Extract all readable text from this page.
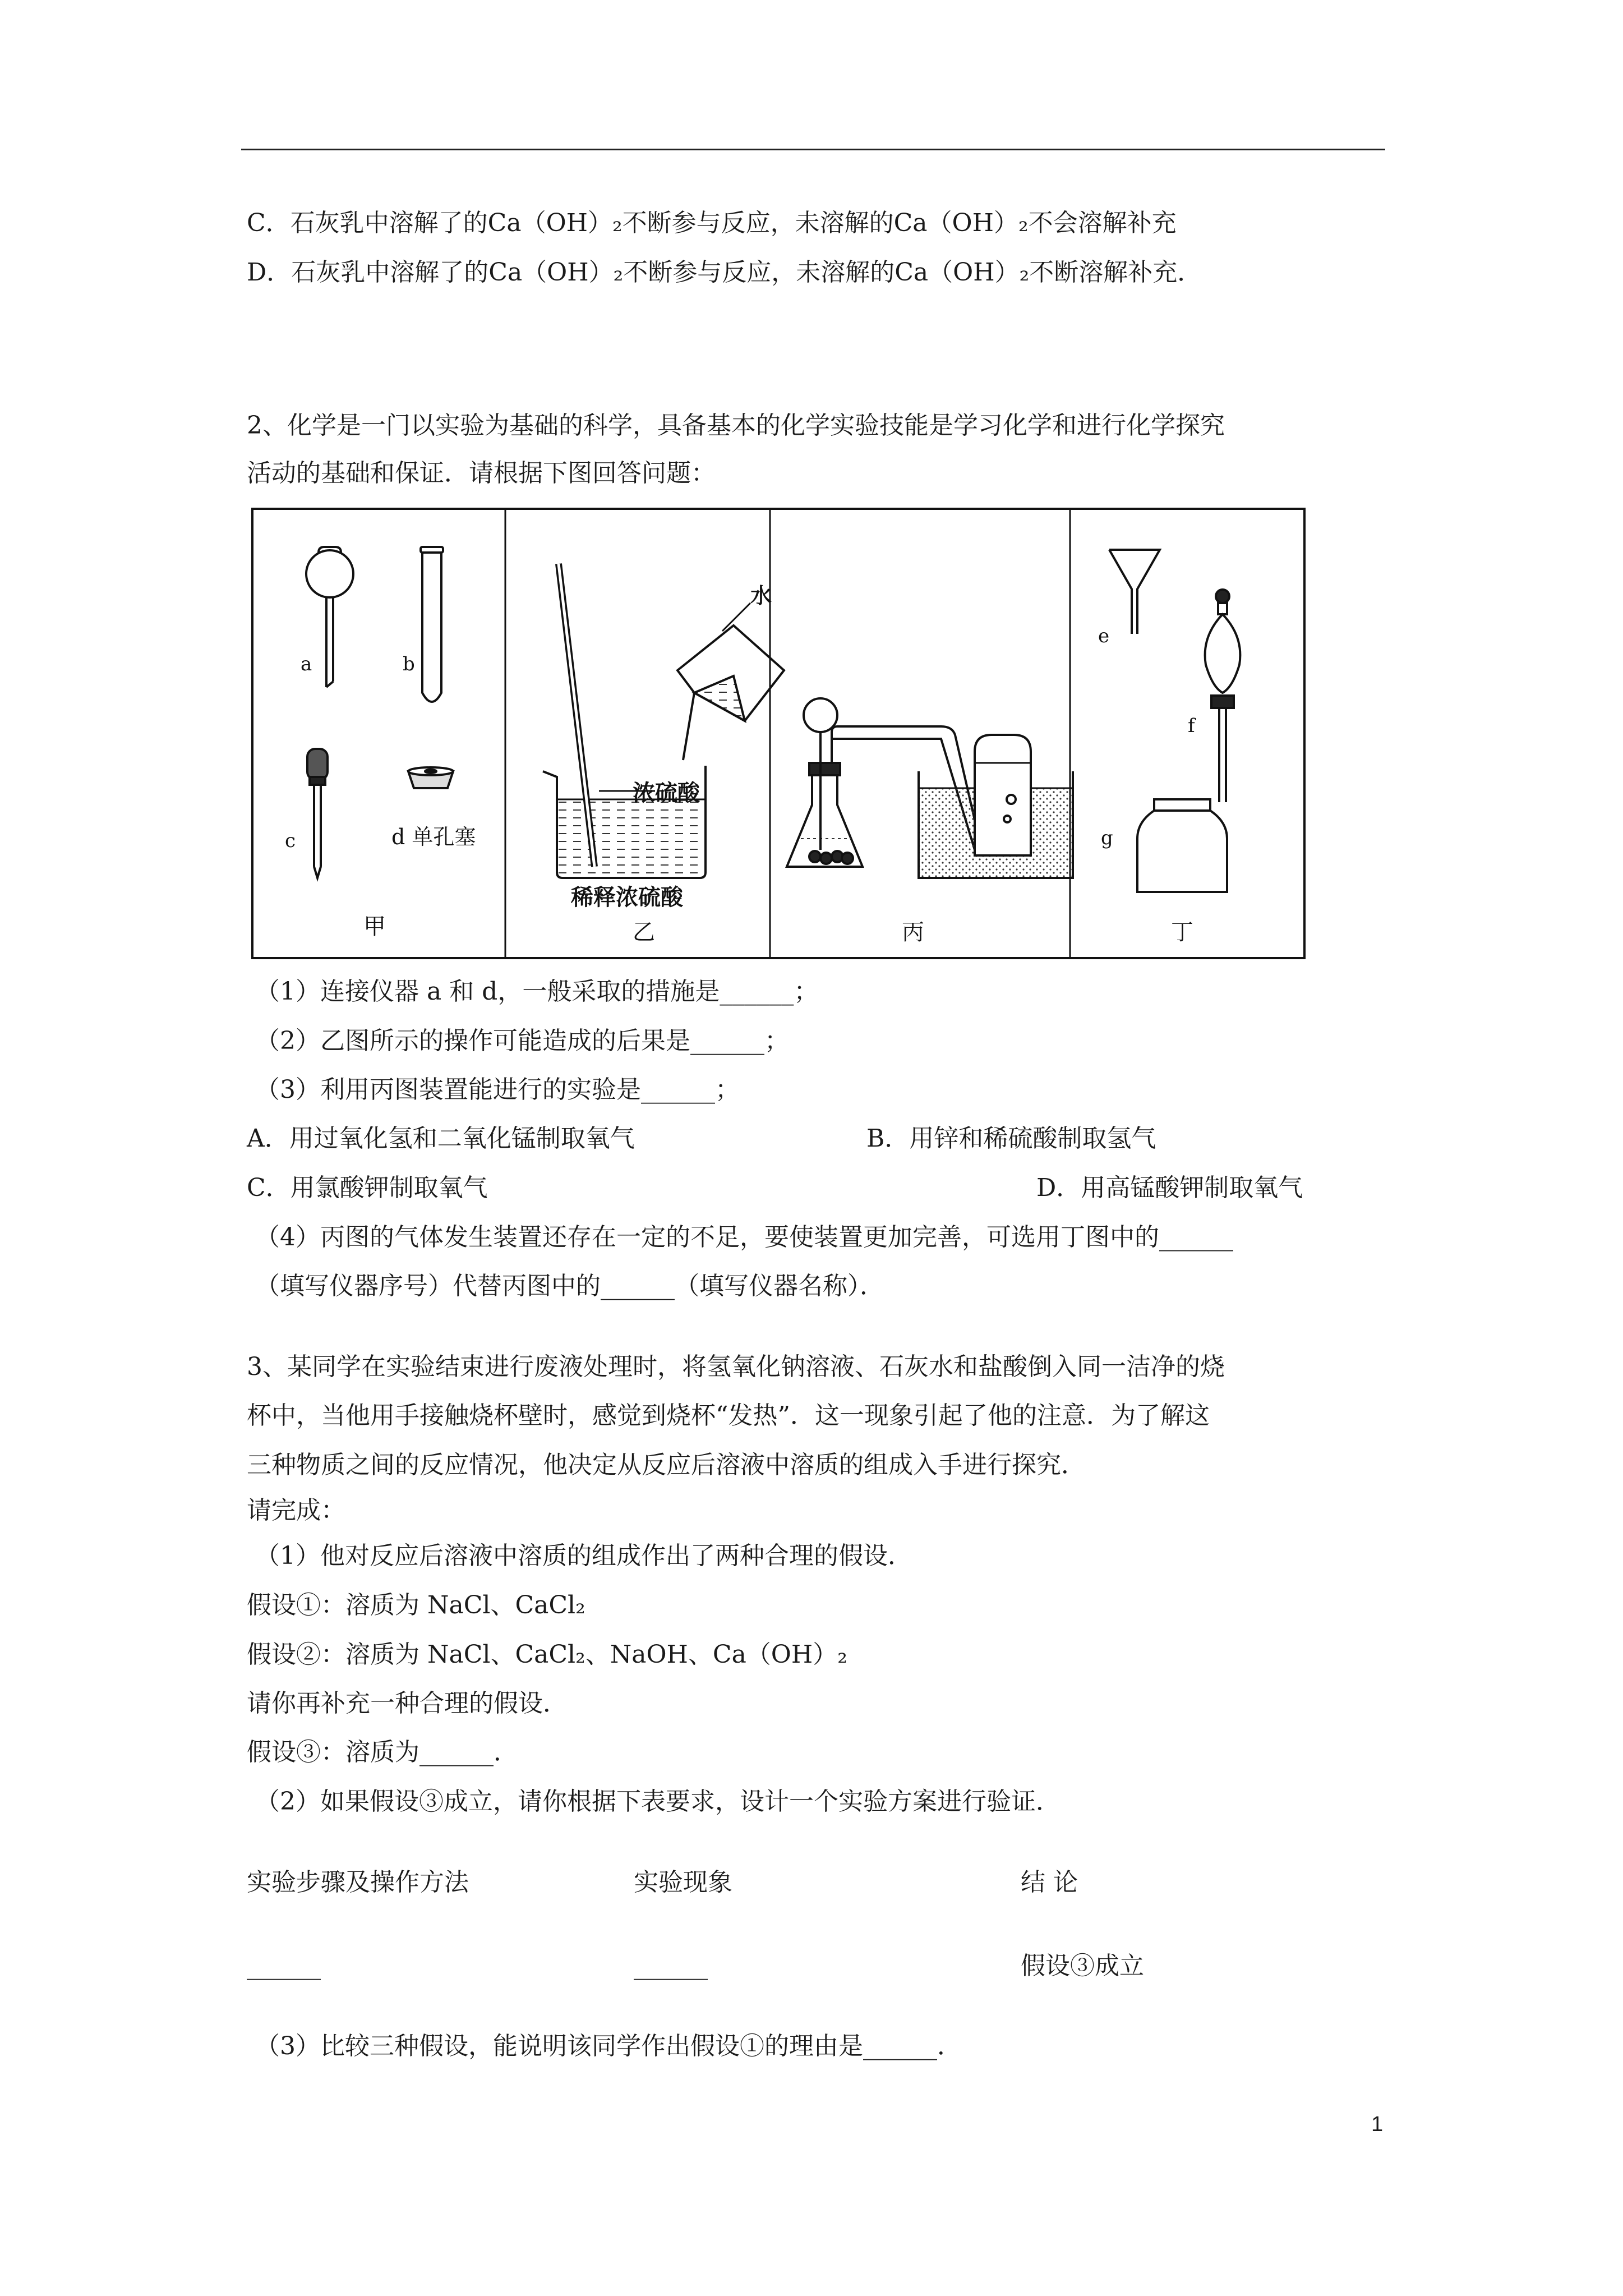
C．石灰乳中溶解了的Ca（OH）₂不断参与反应，未溶解的Ca（OH）₂不会溶解补充
D．石灰乳中溶解了的Ca（OH）₂不断参与反应，未溶解的Ca（OH）₂不断溶解补充．
2、化学是一门以实验为基础的科学，具备基本的化学实验技能是学习化学和进行化学探究
活动的基础和保证．请根据下图回答问题：
a	b
c	d 单孔塞
甲
水
浓硫酸
稀释浓硫酸
乙	丙
e
f
g
丁
（1）连接仪器 a 和 d，一般采取的措施是______；
（2）乙图所示的操作可能造成的后果是______；
（3）利用丙图装置能进行的实验是______；
A．用过氧化氢和二氧化锰制取氧气	B．用锌和稀硫酸制取氢气
C．用氯酸钾制取氧气	D．用高锰酸钾制取氧气
（4）丙图的气体发生装置还存在一定的不足，要使装置更加完善，可选用丁图中的______
（填写仪器序号）代替丙图中的______（填写仪器名称）．
3、某同学在实验结束进行废液处理时，将氢氧化钠溶液、石灰水和盐酸倒入同一洁净的烧
杯中，当他用手接触烧杯壁时，感觉到烧杯“发热”．这一现象引起了他的注意．为了解这
三种物质之间的反应情况，他决定从反应后溶液中溶质的组成入手进行探究．
请完成：
（1）他对反应后溶液中溶质的组成作出了两种合理的假设．
假设①：溶质为 NaCl、CaCl₂
假设②：溶质为 NaCl、CaCl₂、NaOH、Ca（OH）₂
请你再补充一种合理的假设．
假设③：溶质为______．
（2）如果假设③成立，请你根据下表要求，设计一个实验方案进行验证．
实验步骤及操作方法	实验现象	结 论
______	______	假设③成立
（3）比较三种假设，能说明该同学作出假设①的理由是______．
1
